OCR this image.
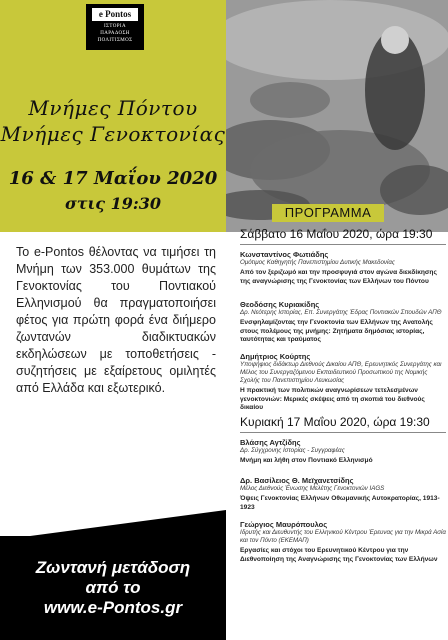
e Pontos
ΙΣΤΟΡΙΑ
ΠΑΡΑΔΟΣΗ
ΠΟΛΙΤΙΣΜΟΣ
Μνήμες Πόντου
Μνήμες Γενοκτονίας
16 & 17 Μαΐου 2020
στις 19:30

Το e-Pontos θέλοντας να τιμήσει τη Μνήμη των 353.000 θυμάτων της Γενοκτονίας του Ποντιακού Ελληνισμού θα πραγματοποιήσει φέτος για πρώτη φορά ένα διήμερο ζωντανών διαδικτυακών εκδηλώσεων με τοποθετήσεις - συζητήσεις με εξαίρετους ομιλητές από Ελλάδα και εξωτερικό.

Ζωντανή μετάδοση
από το
www.e-Pontos.gr
ΠΡΟΓΡΑΜΜΑ
Σάββατο 16 Μαΐου 2020, ώρα 19:30
Κωνσταντίνος Φωτιάδης
Ομότιμος Καθηγητής Πανεπιστημίου Δυτικής Μακεδονίας
Από τον ξεριζωμό και την προσφυγιά στον αγώνα διεκδίκησης της αναγνώρισης της Γενοκτονίας των Ελλήνων του Πόντου
Θεοδόσης Κυριακίδης
Δρ. Νεότερης Ιστορίας, Επ. Συνεργάτης Έδρας Ποντιακών Σπουδών ΑΠΘ
Ενσφηλαμίζοντας την Γενοκτονία των Ελλήνων της Ανατολής στους πολέμους της μνήμης: Ζητήματα δημόσιας ιστορίας, ταυτότητας και τραύματος
Δημήτριος Κούρτης
Υποψήφιος διδάκτωρ Διεθνούς Δικαίου ΑΠΘ, Ερευνητικός Συνεργάτης και Μέλος του Συνεργαζόμενου Εκπαιδευτικού Προσωπικού της Νομικής Σχολής του Πανεπιστημίου Λευκωσίας
Η πρακτική των πολιτικών αναγνωρίσεων τετελεσμένων γενοκτονιών: Μερικές σκέψεις από τη σκοπιά του διεθνούς δικαίου
Κυριακή 17 Μαΐου 2020, ώρα 19:30
Βλάσης Αγτζίδης
Δρ. Σύγχρονης Ιστορίας - Συγγραφέας
Μνήμη και λήθη στον Ποντιακό Ελληνισμό
Δρ. Βασίλειος Θ. Μεϊχανετσίδης
Μέλος Διεθνούς Ένωσης Μελέτης Γενοκτονιών IAGS
Όψεις Γενοκτονίας Ελλήνων Οθωμανικής Αυτοκρατορίας, 1913-1923
Γεώργιος Μαυρόπουλος
Ιδρυτής και Διευθυντής του Ελληνικού Κέντρου Έρευνας για την Μικρά Ασία και τον Πόντο (ΕΚΕΜΑΠ)
Εργασίες και στόχοι του Ερευνητικού Κέντρου για την Διεθνοποίηση της Αναγνώρισης της Γενοκτονίας των Ελλήνων
